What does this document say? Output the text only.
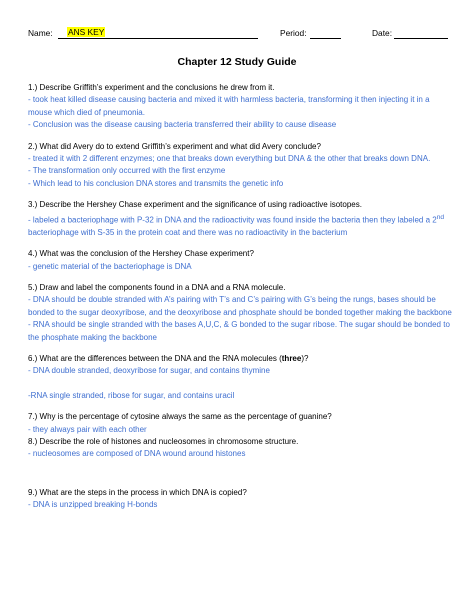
Name: ANS KEY	Period:	Date:
Chapter 12 Study Guide

1.) Describe Griffith’s experiment and the conclusions he drew from it.

- took heat killed disease causing bacteria and mixed it with harmless bacteria, transforming it then injecting it in a mouse which died of pneumonia.

- Conclusion was the disease causing bacteria transferred their ability to cause disease

2.) What did Avery do to extend Griffith’s experiment and what did Avery conclude?

- treated it with 2 different enzymes; one that breaks down everything but DNA & the other that breaks down DNA.

- The transformation only occurred with the first enzyme

- Which lead to his conclusion DNA stores and transmits the genetic info

3.) Describe the Hershey Chase experiment and the significance of using radioactive isotopes.

- labeled a bacteriophage with P-32 in DNA and the radioactivity was found inside the bacteria then they labeled a 2nd bacteriophage with S-35 in the protein coat and there was no radioactivity in the bacterium

4.) What was the conclusion of the Hershey Chase experiment?

- genetic material of the bacteriophage is DNA

5.) Draw and label the components found in a DNA and a RNA molecule.

- DNA should be double stranded with A’s pairing with T’s and C’s pairing with G’s being the rungs, bases should be bonded to the sugar deoxyribose, and the deoxyribose and phosphate should be bonded together making the backbone

- RNA should be single stranded with the bases A,U,C, & G bonded to the sugar ribose. The sugar should be bonded to the phosphate making the backbone

6.) What are the differences between the DNA and the RNA molecules (three)?

- DNA double stranded, deoxyribose for sugar, and contains thymine

-RNA single stranded, ribose for sugar, and contains uracil

7.) Why is the percentage of cytosine always the same as the percentage of guanine?

- they always pair with each other

8.) Describe the role of histones and nucleosomes in chromosome structure.

- nucleosomes are composed of DNA wound around histones

9.) What are the steps in the process in which DNA is copied?

- DNA is unzipped breaking H-bonds
